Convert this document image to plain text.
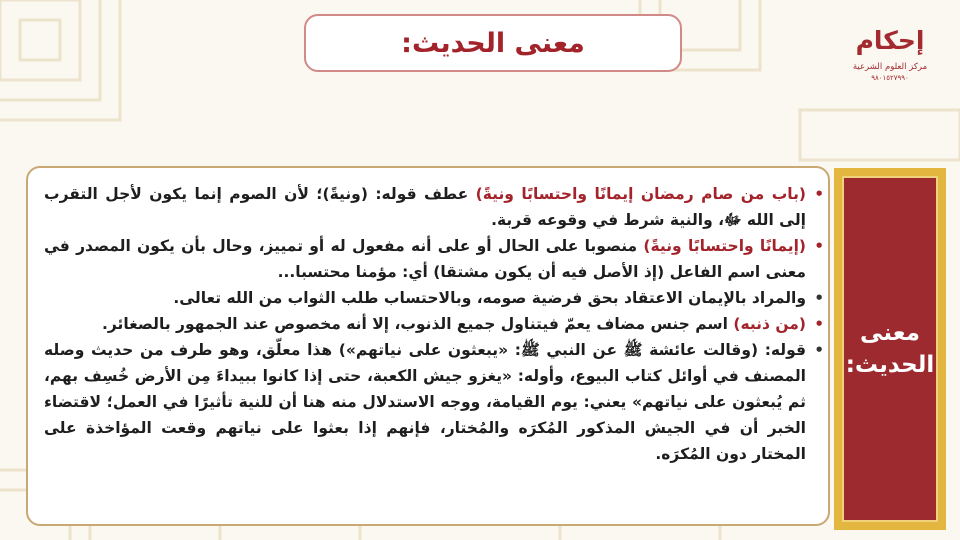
معنى الحديث:	إحكام
مركز العلوم الشرعية
٩٨٠١٥٢٧٩٩٠
معنى الحديث:
•
(باب من صام رمضان إيمانًا واحتسابًا ونيةً) عطف قوله: (ونيةً)؛ لأن الصوم إنما يكون لأجل التقرب إلى الله ﷻ، والنية شرط في وقوعه قربة.
•
(إيمانًا واحتسابًا ونيةً) منصوبا على الحال أو على أنه مفعول له أو تمييز، وحال بأن يكون المصدر في معنى اسم الفاعل (إذ الأصل فيه أن يكون مشتقا) أي: مؤمنا محتسبا...
•
والمراد بالإيمان الاعتقاد بحق فرضية صومه، وبالاحتساب طلب الثواب من الله تعالى.
•
(من ذنبه) اسم جنس مضاف يعمّ فيتناول جميع الذنوب، إلا أنه مخصوص عند الجمهور بالصغائر.
•
قوله: (وقالت عائشة ﷺ عن النبي ﷺ: «يبعثون على نياتهم») هذا معلّق، وهو طرف من حديث وصله المصنف في أوائل كتاب البيوع، وأوله: «يغزو جيش الكعبة، حتى إذا كانوا ببيداءَ مِن الأرض خُسِف بهم، ثم يُبعثون على نياتهم» يعني: يوم القيامة، ووجه الاستدلال منه هنا أن للنية تأثيرًا في العمل؛ لاقتضاء الخبر أن في الجيش المذكور المُكرَه والمُختار، فإنهم إذا بعثوا على نياتهم وقعت المؤاخذة على المختار دون المُكرَه.
